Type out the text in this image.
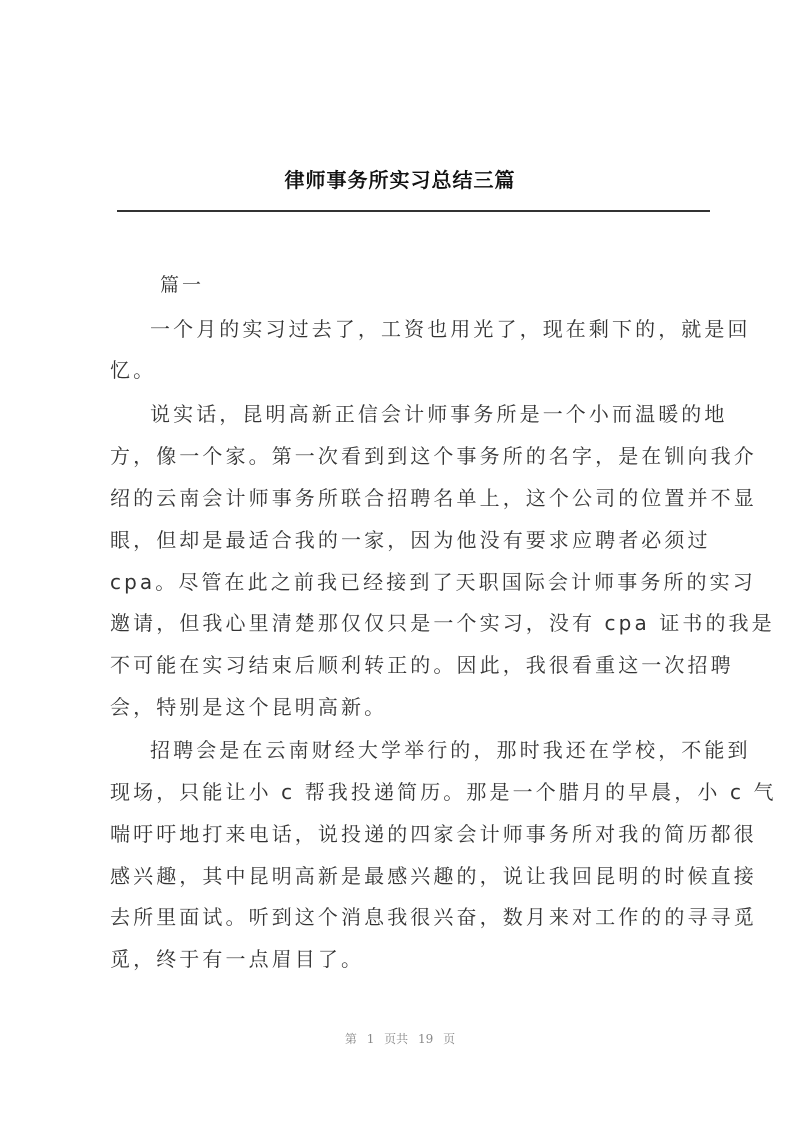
律师事务所实习总结三篇
篇一
一个月的实习过去了，工资也用光了，现在剩下的，就是回
忆。
说实话，昆明高新正信会计师事务所是一个小而温暖的地
方，像一个家。第一次看到到这个事务所的名字，是在钏向我介
绍的云南会计师事务所联合招聘名单上，这个公司的位置并不显
眼，但却是最适合我的一家，因为他没有要求应聘者必须过
cpa。尽管在此之前我已经接到了天职国际会计师事务所的实习
邀请，但我心里清楚那仅仅只是一个实习，没有 cpa 证书的我是
不可能在实习结束后顺利转正的。因此，我很看重这一次招聘
会，特别是这个昆明高新。
招聘会是在云南财经大学举行的，那时我还在学校，不能到
现场，只能让小 c 帮我投递简历。那是一个腊月的早晨，小 c 气
喘吁吁地打来电话，说投递的四家会计师事务所对我的简历都很
感兴趣，其中昆明高新是最感兴趣的，说让我回昆明的时候直接
去所里面试。听到这个消息我很兴奋，数月来对工作的的寻寻觅
觅，终于有一点眉目了。
第 1 页共 19 页
